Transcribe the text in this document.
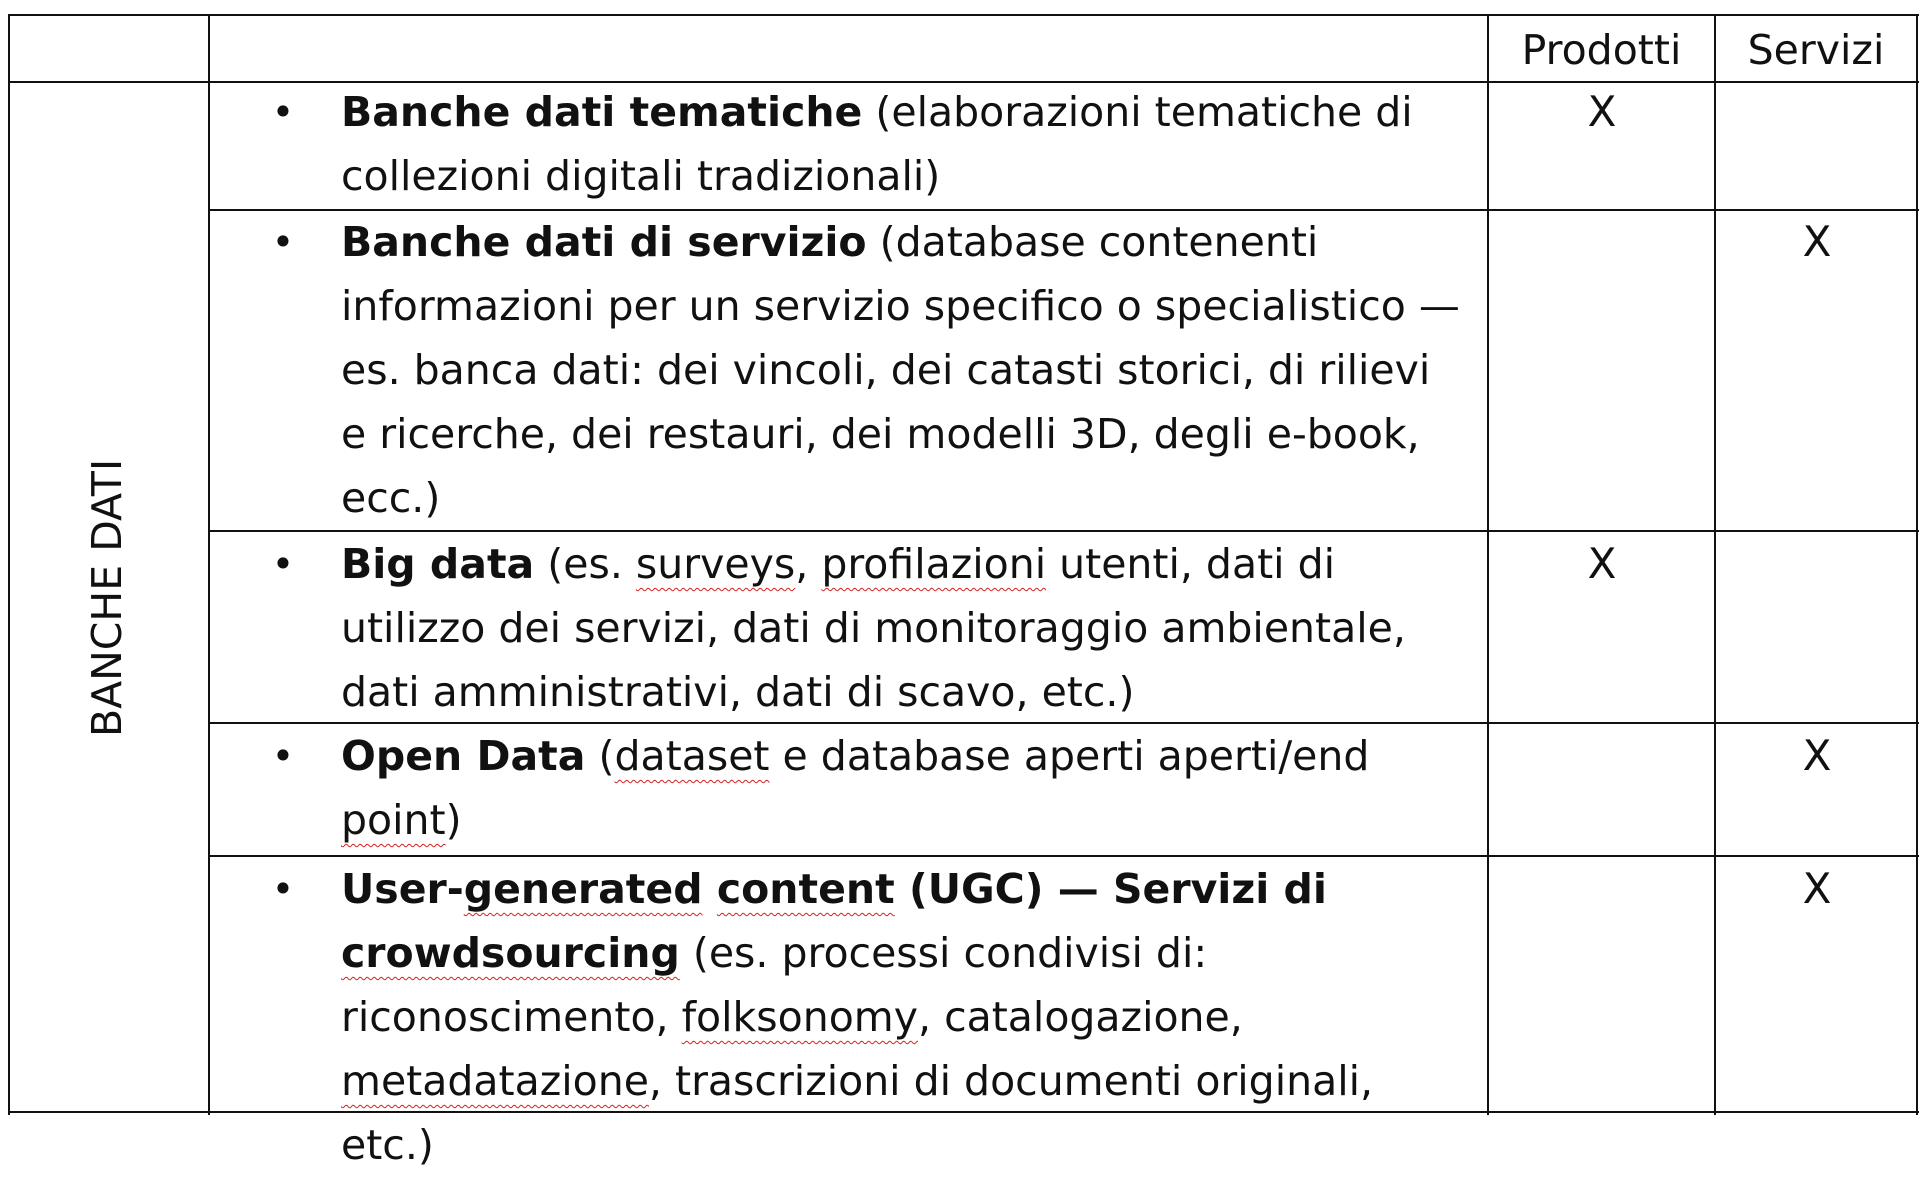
Prodotti	Servizi
BANCHE DATI
• Banche dati tematiche (elaborazioni tematiche di collezioni digitali tradizionali)
X
• Banche dati di servizio (database contenenti informazioni per un servizio specifico o specialistico — es. banca dati: dei vincoli, dei catasti storici, di rilievi e ricerche, dei restauri, dei modelli 3D, degli e-book, ecc.)
X
• Big data (es. surveys, profilazioni utenti, dati di utilizzo dei servizi, dati di monitoraggio ambientale, dati amministrativi, dati di scavo, etc.)
X
• Open Data (dataset e database aperti aperti/end point)
X
• User-generated content (UGC) — Servizi di crowdsourcing (es. processi condivisi di: riconoscimento, folksonomy, catalogazione, metadatazione, trascrizioni di documenti originali, etc.)
X
